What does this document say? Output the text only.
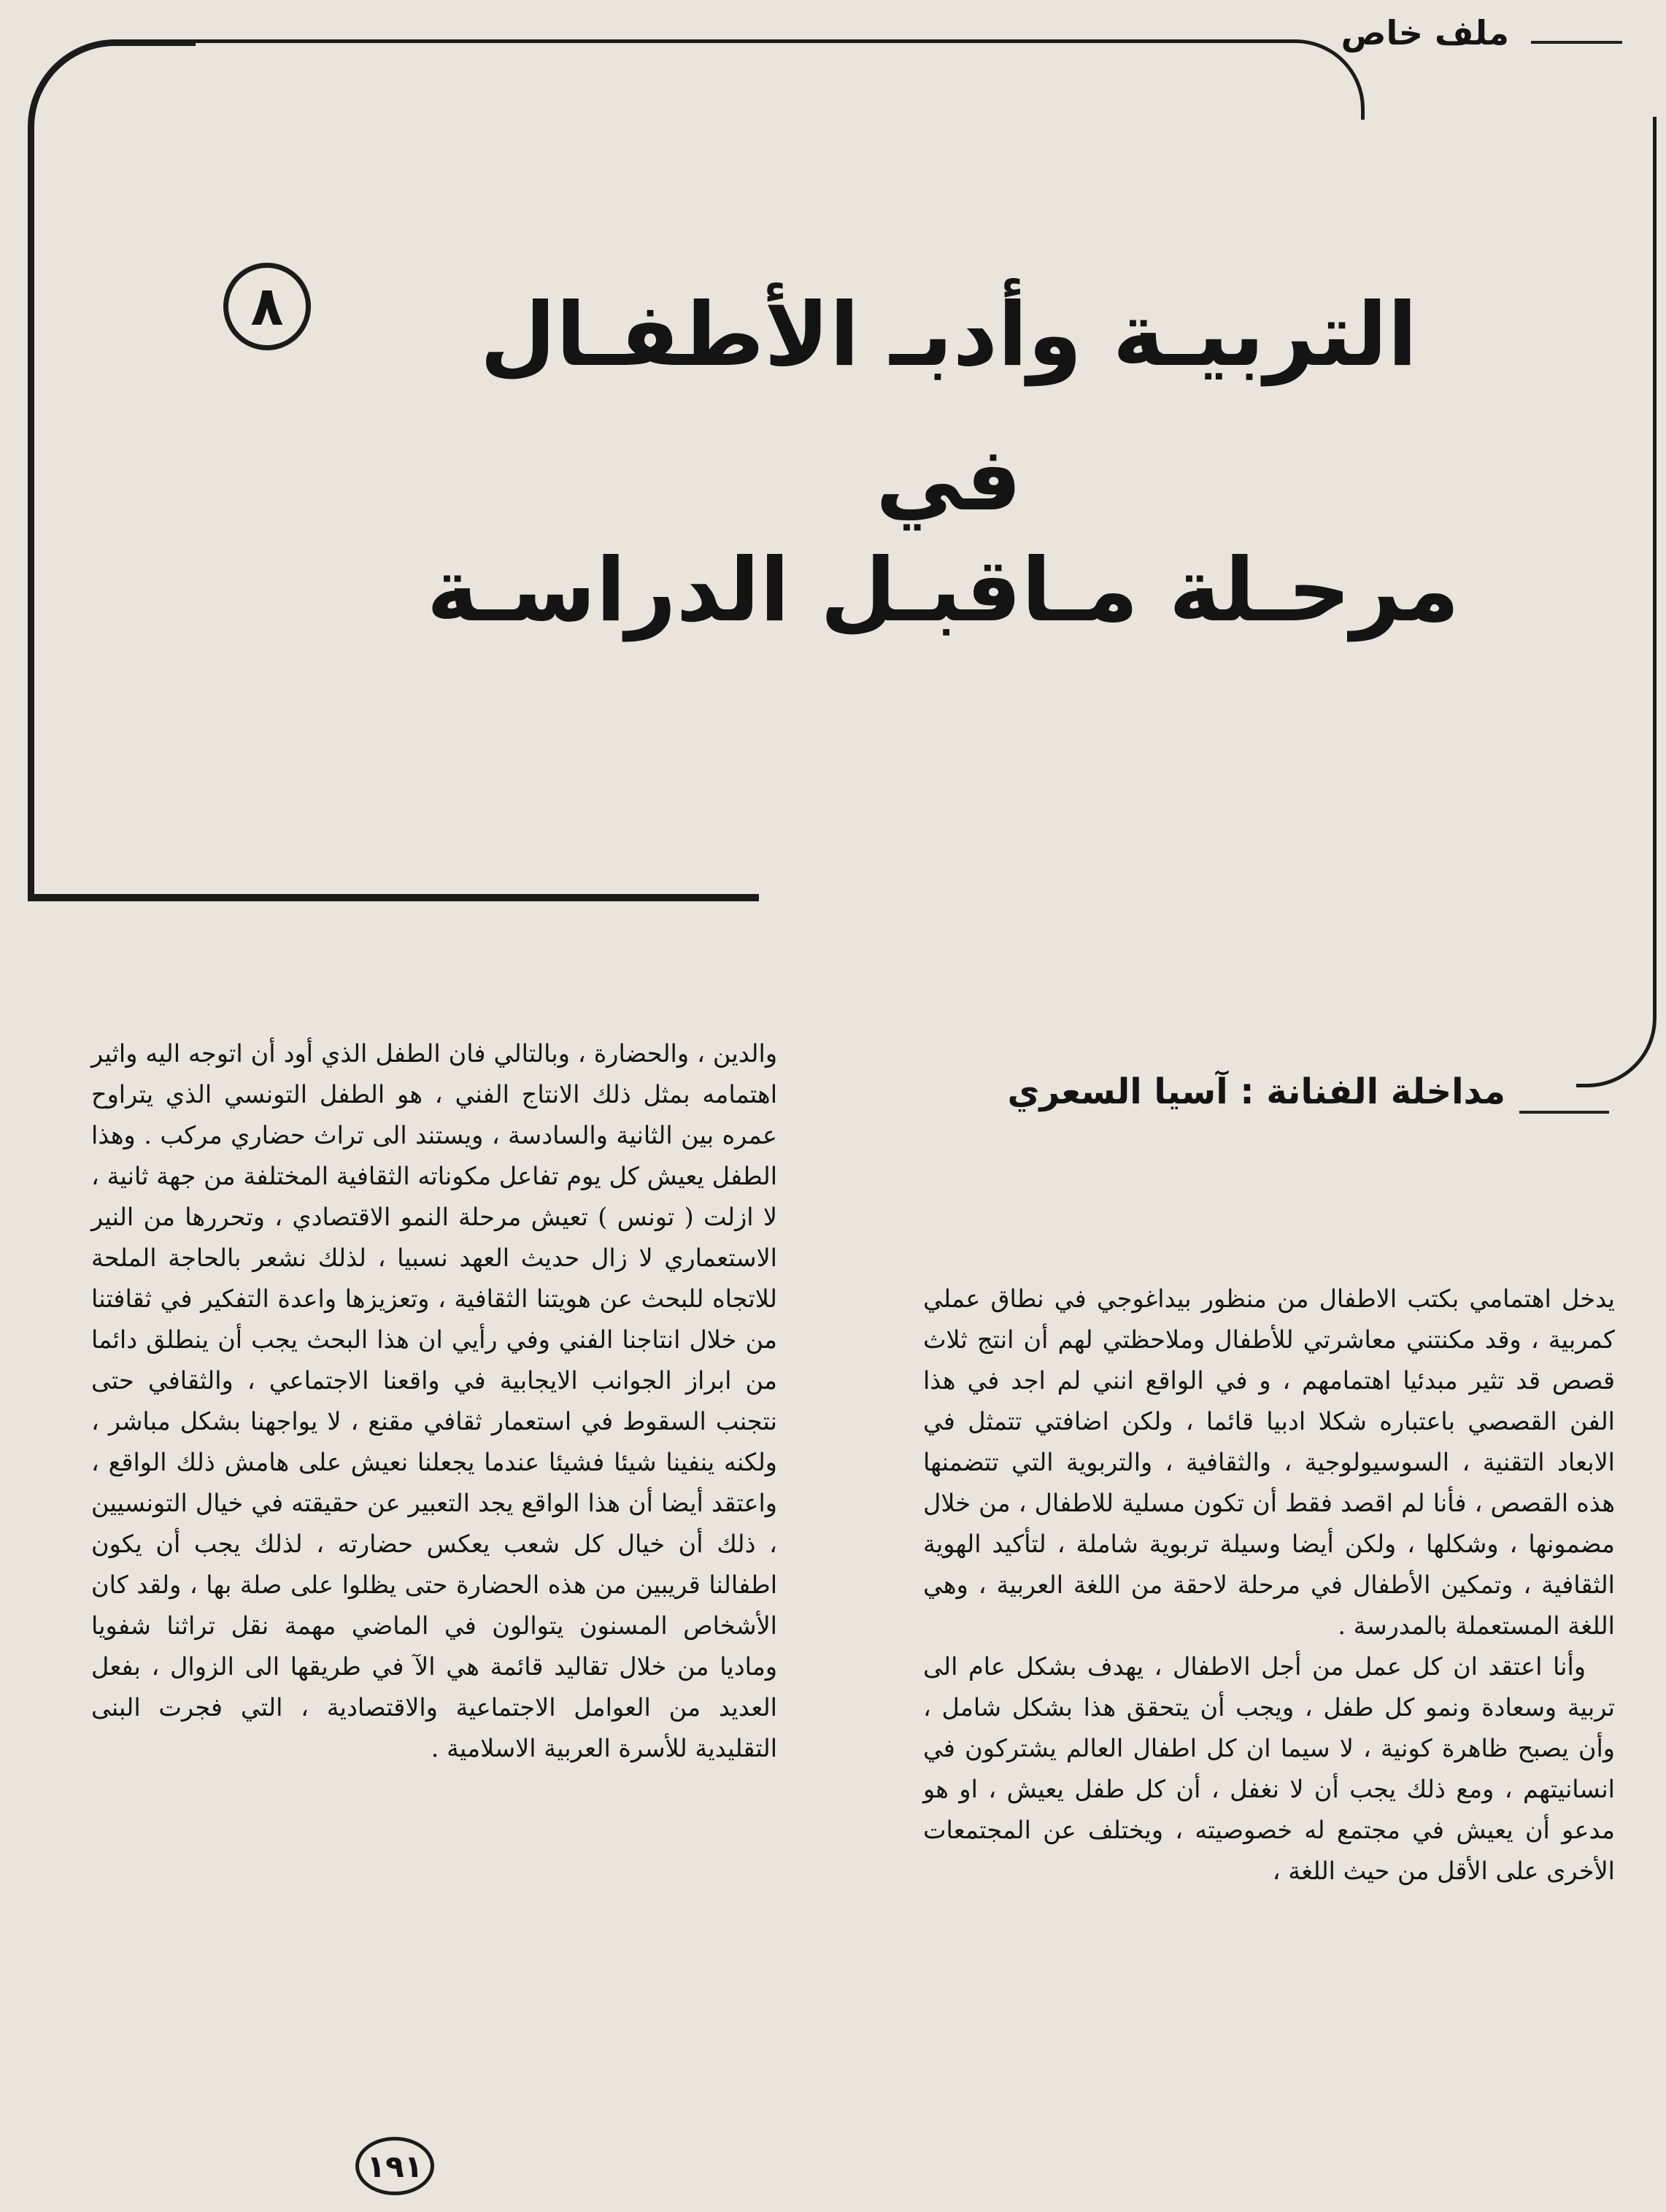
ملف خاص
٨	التربيـة وأدبـ الأطفـال
في
مرحـلة مـاقبـل الدراسـة
مداخلة الفنانة : آسيا السعري

يدخل اهتمامي بكتب الاطفال من منظور بيداغوجي في نطاق عملي كمربية ، وقد مكنتني معاشرتي للأطفال وملاحظتي لهم أن انتج ثلاث قصص قد تثير مبدئيا اهتمامهم ، و في الواقع انني لم اجد في هذا الفن القصصي باعتباره شكلا ادبيا قائما ، ولكن اضافتي تتمثل في الابعاد التقنية ، السوسيولوجية ، والثقافية ، والتربوية التي تتضمنها هذه القصص ، فأنا لم اقصد فقط أن تكون مسلية للاطفال ، من خلال مضمونها ، وشكلها ، ولكن أيضا وسيلة تربوية شاملة ، لتأكيد الهوية الثقافية ، وتمكين الأطفال في مرحلة لاحقة من اللغة العربية ، وهي اللغة المستعملة بالمدرسة .

وأنا اعتقد ان كل عمل من أجل الاطفال ، يهدف بشكل عام الى تربية وسعادة ونمو كل طفل ، ويجب أن يتحقق هذا بشكل شامل ، وأن يصبح ظاهرة كونية ، لا سيما ان كل اطفال العالم يشتركون في انسانيتهم ، ومع ذلك يجب أن لا نغفل ، أن كل طفل يعيش ، او هو مدعو أن يعيش في مجتمع له خصوصيته ، ويختلف عن المجتمعات الأخرى على الأقل من حيث اللغة ،

والدين ، والحضارة ، وبالتالي فان الطفل الذي أود أن اتوجه اليه واثير اهتمامه بمثل ذلك الانتاج الفني ، هو الطفل التونسي الذي يتراوح عمره بين الثانية والسادسة ، ويستند الى تراث حضاري مركب . وهذا الطفل يعيش كل يوم تفاعل مكوناته الثقافية المختلفة من جهة ثانية ، لا ازلت ( تونس ) تعيش مرحلة النمو الاقتصادي ، وتحررها من النير الاستعماري لا زال حديث العهد نسبيا ، لذلك نشعر بالحاجة الملحة للاتجاه للبحث عن هويتنا الثقافية ، وتعزيزها واعدة التفكير في ثقافتنا من خلال انتاجنا الفني وفي رأيي ان هذا البحث يجب أن ينطلق دائما من ابراز الجوانب الايجابية في واقعنا الاجتماعي ، والثقافي حتى نتجنب السقوط في استعمار ثقافي مقنع ، لا يواجهنا بشكل مباشر ، ولكنه ينفينا شيئا فشيئا عندما يجعلنا نعيش على هامش ذلك الواقع ، واعتقد أيضا أن هذا الواقع يجد التعبير عن حقيقته في خيال التونسيين ، ذلك أن خيال كل شعب يعكس حضارته ، لذلك يجب أن يكون اطفالنا قريبين من هذه الحضارة حتى يظلوا على صلة بها ، ولقد كان الأشخاص المسنون يتوالون في الماضي مهمة نقل تراثنا شفويا وماديا من خلال تقاليد قائمة هي الآ في طريقها الى الزوال ، بفعل العديد من العوامل الاجتماعية والاقتصادية ، التي فجرت البنى التقليدية للأسرة العربية الاسلامية .

١٩١
